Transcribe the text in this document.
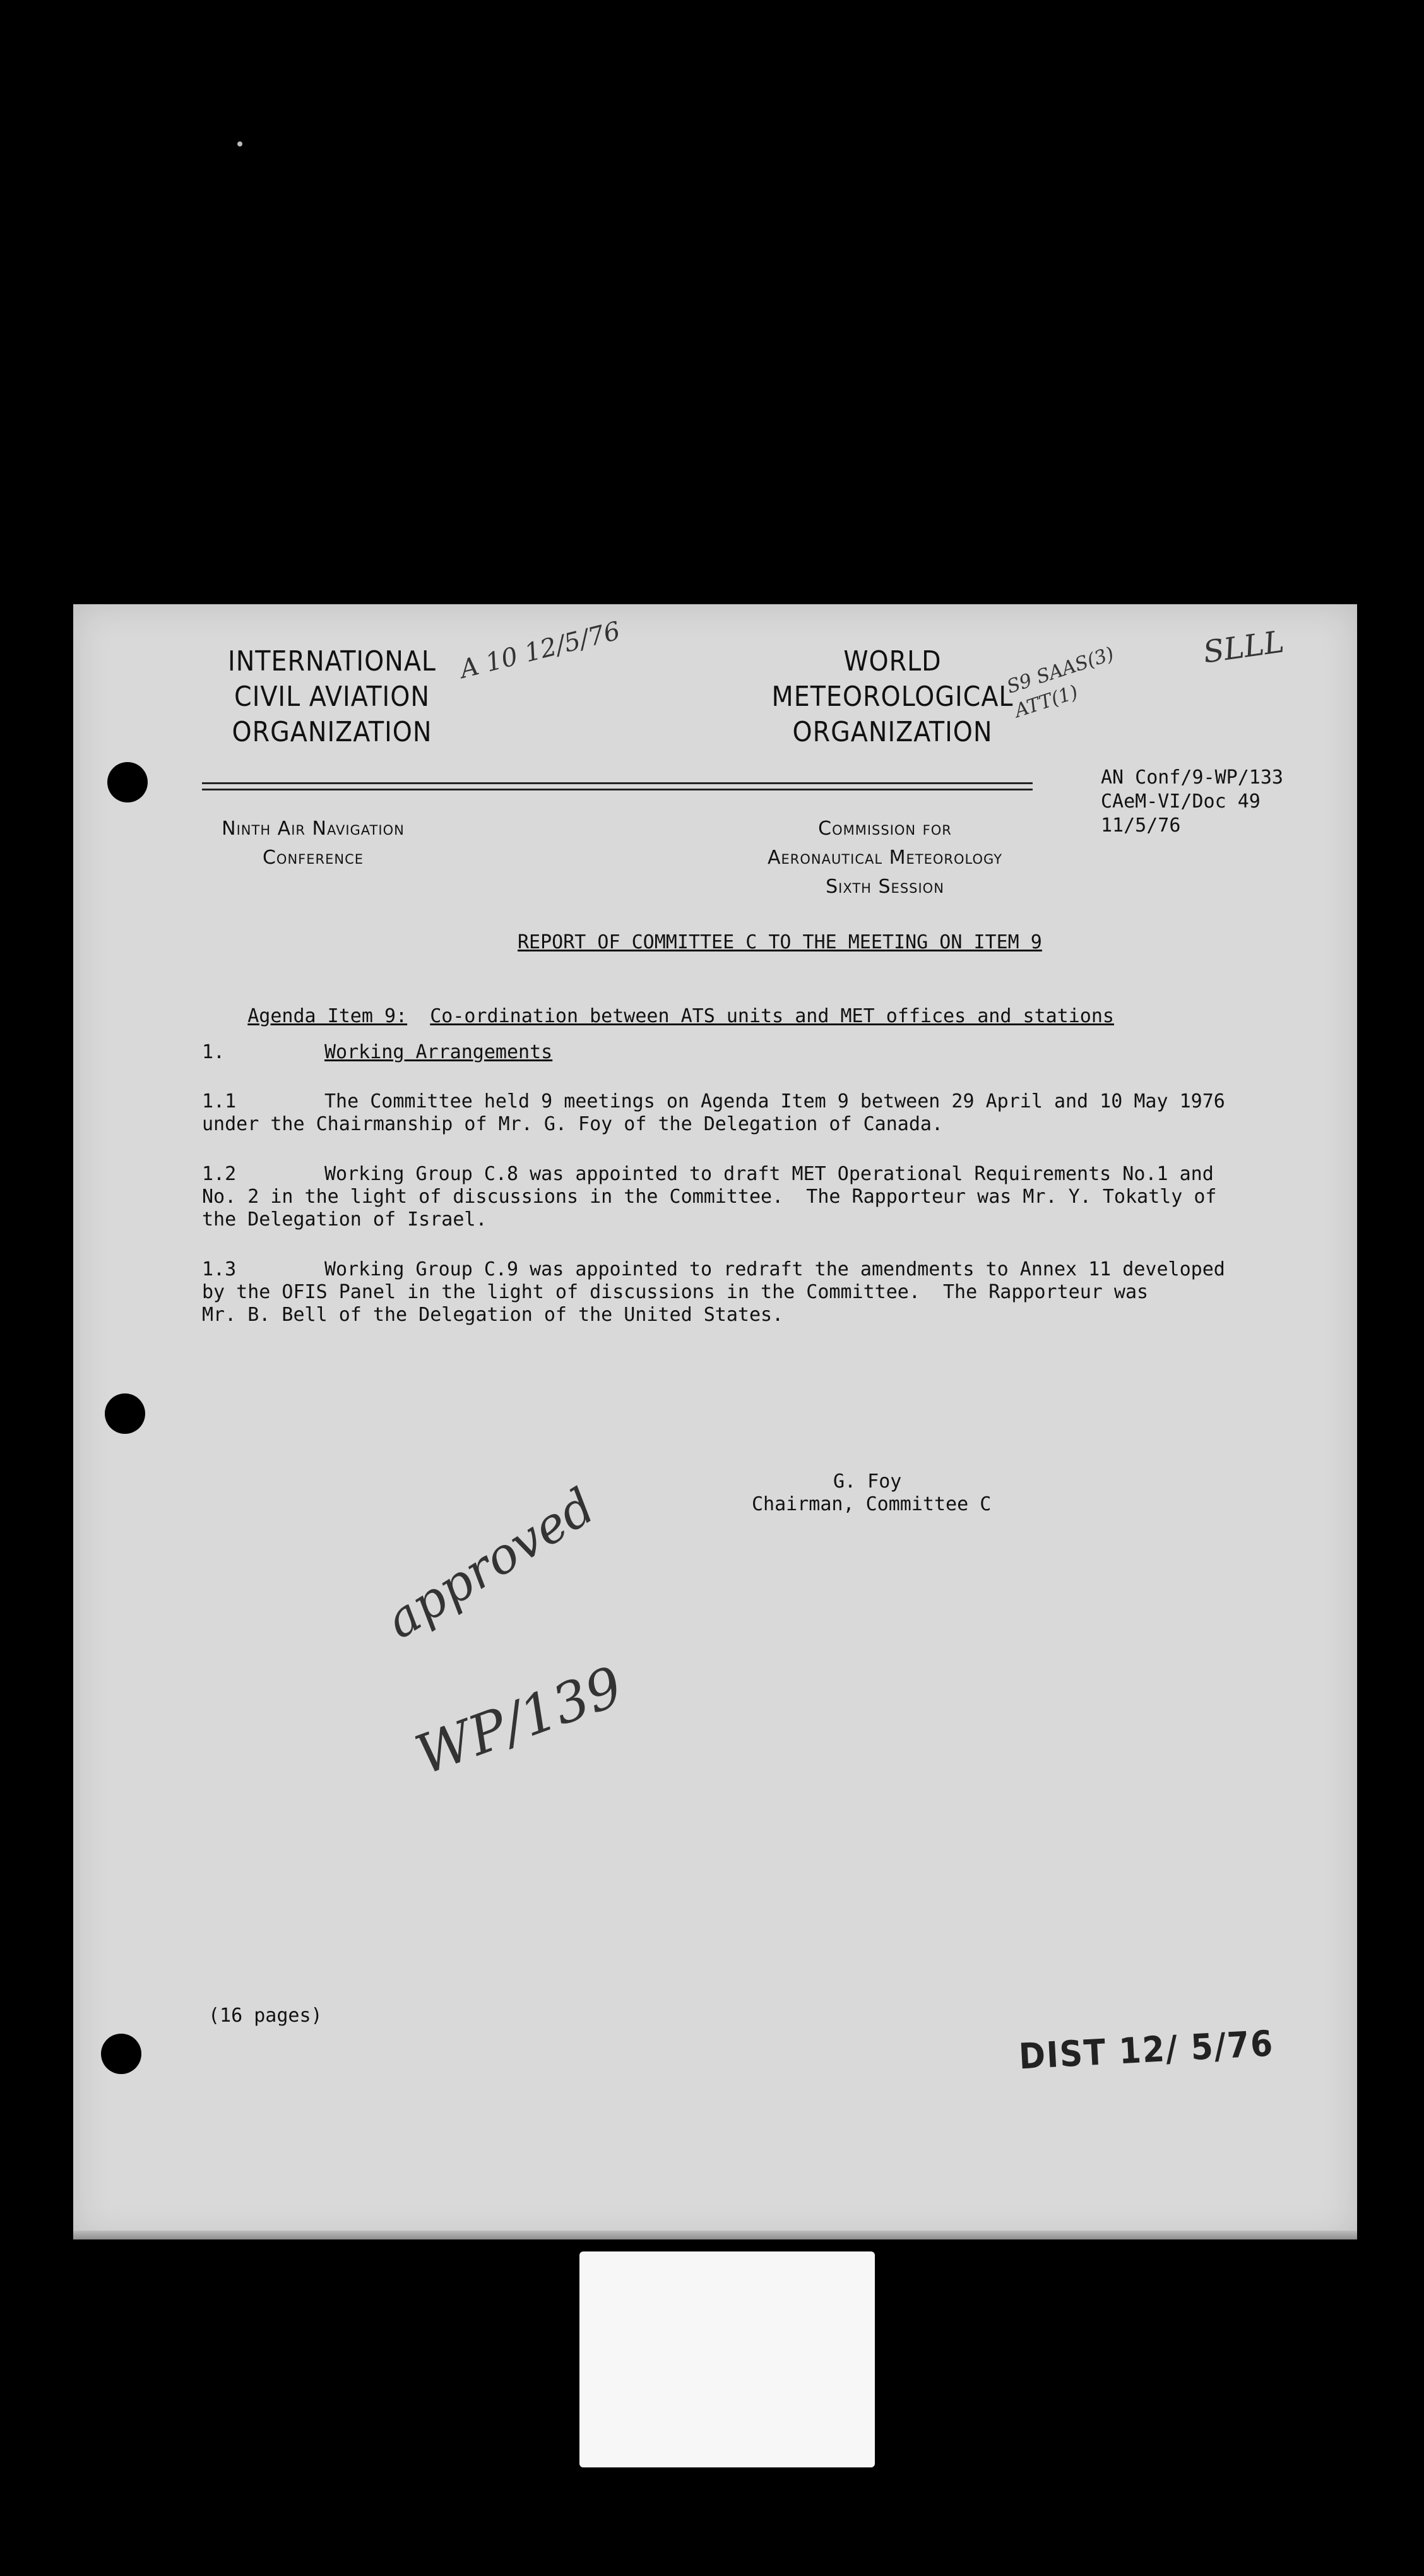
INTERNATIONAL
CIVIL AVIATION
ORGANIZATION
WORLD
METEOROLOGICAL
ORGANIZATION
AN Conf/9-WP/133
CAeM-VI/Doc 49
11/5/76
Ninth Air Navigation
Conference
Commission for
Aeronautical Meteorology
Sixth Session
A 10 12/5/76	S9 SAAS(3) ATT(1)
SLLL
REPORT OF COMMITTEE C TO THE MEETING ON ITEM 9

Agenda Item 9: Co-ordination between ATS units and MET offices and stations

1.	Working Arrangements

1.1	The Committee held 9 meetings on Agenda Item 9 between 29 April and 10 May 1976

under the Chairmanship of Mr. G. Foy of the Delegation of Canada.

1.2	Working Group C.8 was appointed to draft MET Operational Requirements No.1 and

No. 2 in the light of discussions in the Committee.  The Rapporteur was Mr. Y. Tokatly of
the Delegation of Israel.

1.3	Working Group C.9 was appointed to redraft the amendments to Annex 11 developed

by the OFIS Panel in the light of discussions in the Committee.  The Rapporteur was
Mr. B. Bell of the Delegation of the United States.

G. Foy
Chairman, Committee C
approved
WP/139
(16 pages)
DIST 12/ 5/76
